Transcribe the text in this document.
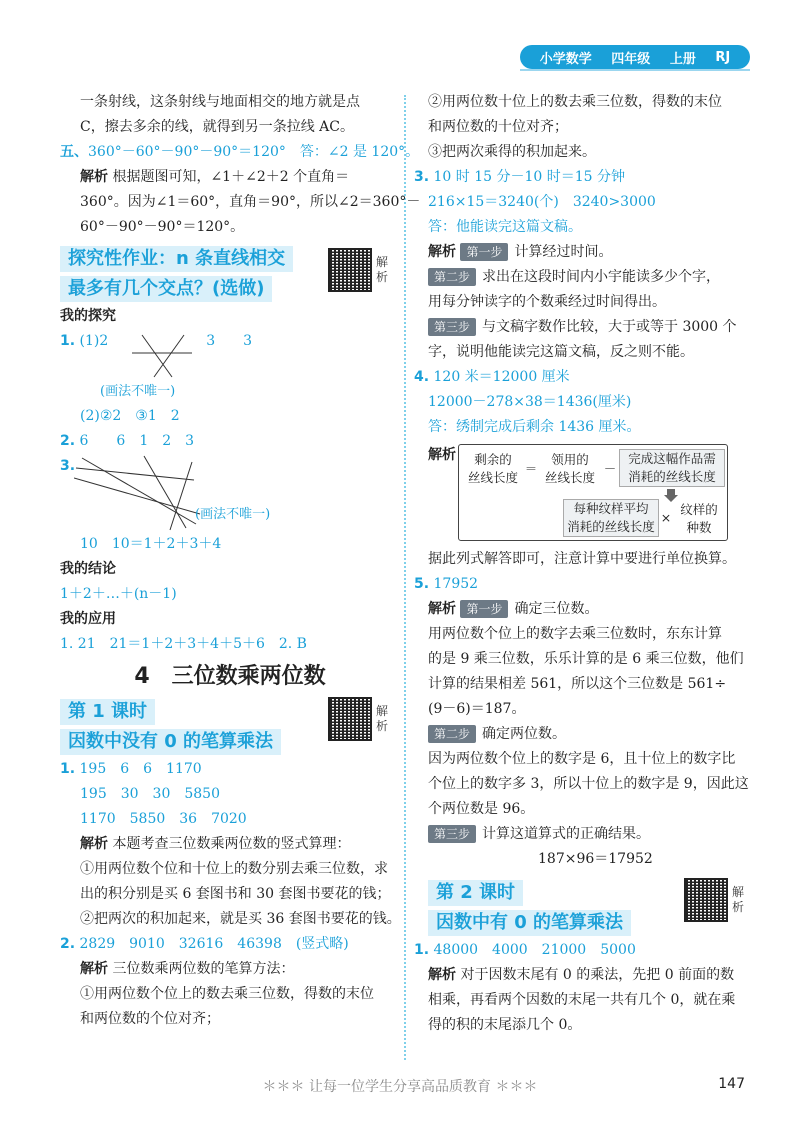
小学数学 四年级 上册 RJ

一条射线，这条射线与地面相交的地方就是点

C，擦去多余的线，就得到另一条拉线 AC。

五、360°－60°－90°－90°＝120°　答：∠2 是 120°。

解析 根据题图可知，∠1＋∠2＋2 个直角＝

360°。因为∠1＝60°，直角＝90°，所以∠2＝360°－

60°－90°－90°＝120°。

探究性作业：n 条直线相交
最多有几个交点？(选做)
解析

我的探究

1. (1)2　　　　　　　3　　3

(画法不唯一)

(2)②2　③1　2

2. 6　　6　1　2　3

3.

(画法不唯一)

10　10＝1＋2＋3＋4

我的结论

1＋2＋…＋(n－1)

我的应用

1. 21　21＝1＋2＋3＋4＋5＋6　2. B

4　三位数乘两位数
第 1 课时
因数中没有 0 的笔算乘法
解析

1. 195　6　6　1170

195　30　30　5850

1170　5850　36　7020

解析 本题考查三位数乘两位数的竖式算理：

①用两位数个位和十位上的数分别去乘三位数，求

出的积分别是买 6 套图书和 30 套图书要花的钱；

②把两次的积加起来，就是买 36 套图书要花的钱。

2. 2829　9010　32616　46398　(竖式略)

解析 三位数乘两位数的笔算方法：

①用两位数个位上的数去乘三位数，得数的末位

和两位数的个位对齐；

②用两位数十位上的数去乘三位数，得数的末位

和两位数的十位对齐；

③把两次乘得的积加起来。

3. 10 时 15 分－10 时＝15 分钟

216×15＝3240(个)　3240>3000

答：他能读完这篇文稿。

解析 第一步 计算经过时间。

第二步 求出在这段时间内小宇能读多少个字，

用每分钟读字的个数乘经过时间得出。

第三步 与文稿字数作比较，大于或等于 3000 个

字，说明他能读完这篇文稿，反之则不能。

4. 120 米＝12000 厘米

12000－278×38＝1436(厘米)

答：绣制完成后剩余 1436 厘米。

解析	剩余的
丝线长度
＝
领用的
丝线长度
－
完成这幅作品需
消耗的丝线长度
每种纹样平均
消耗的丝线长度
×
纹样的
种数

据此列式解答即可，注意计算中要进行单位换算。

5. 17952

解析 第一步 确定三位数。

用两位数个位上的数字去乘三位数时，东东计算

的是 9 乘三位数，乐乐计算的是 6 乘三位数，他们

计算的结果相差 561，所以这个三位数是 561÷

(9－6)＝187。

第二步 确定两位数。

因为两位数个位上的数字是 6，且十位上的数字比

个位上的数字多 3，所以十位上的数字是 9，因此这

个两位数是 96。

第三步 计算这道算式的正确结果。

187×96＝17952

第 2 课时
因数中有 0 的笔算乘法
解析

1. 48000　4000　21000　5000

解析 对于因数末尾有 0 的乘法，先把 0 前面的数

相乘，再看两个因数的末尾一共有几个 0，就在乘

得的积的末尾添几个 0。

＊＊＊ 让每一位学生分享高品质教育 ＊＊＊	147
